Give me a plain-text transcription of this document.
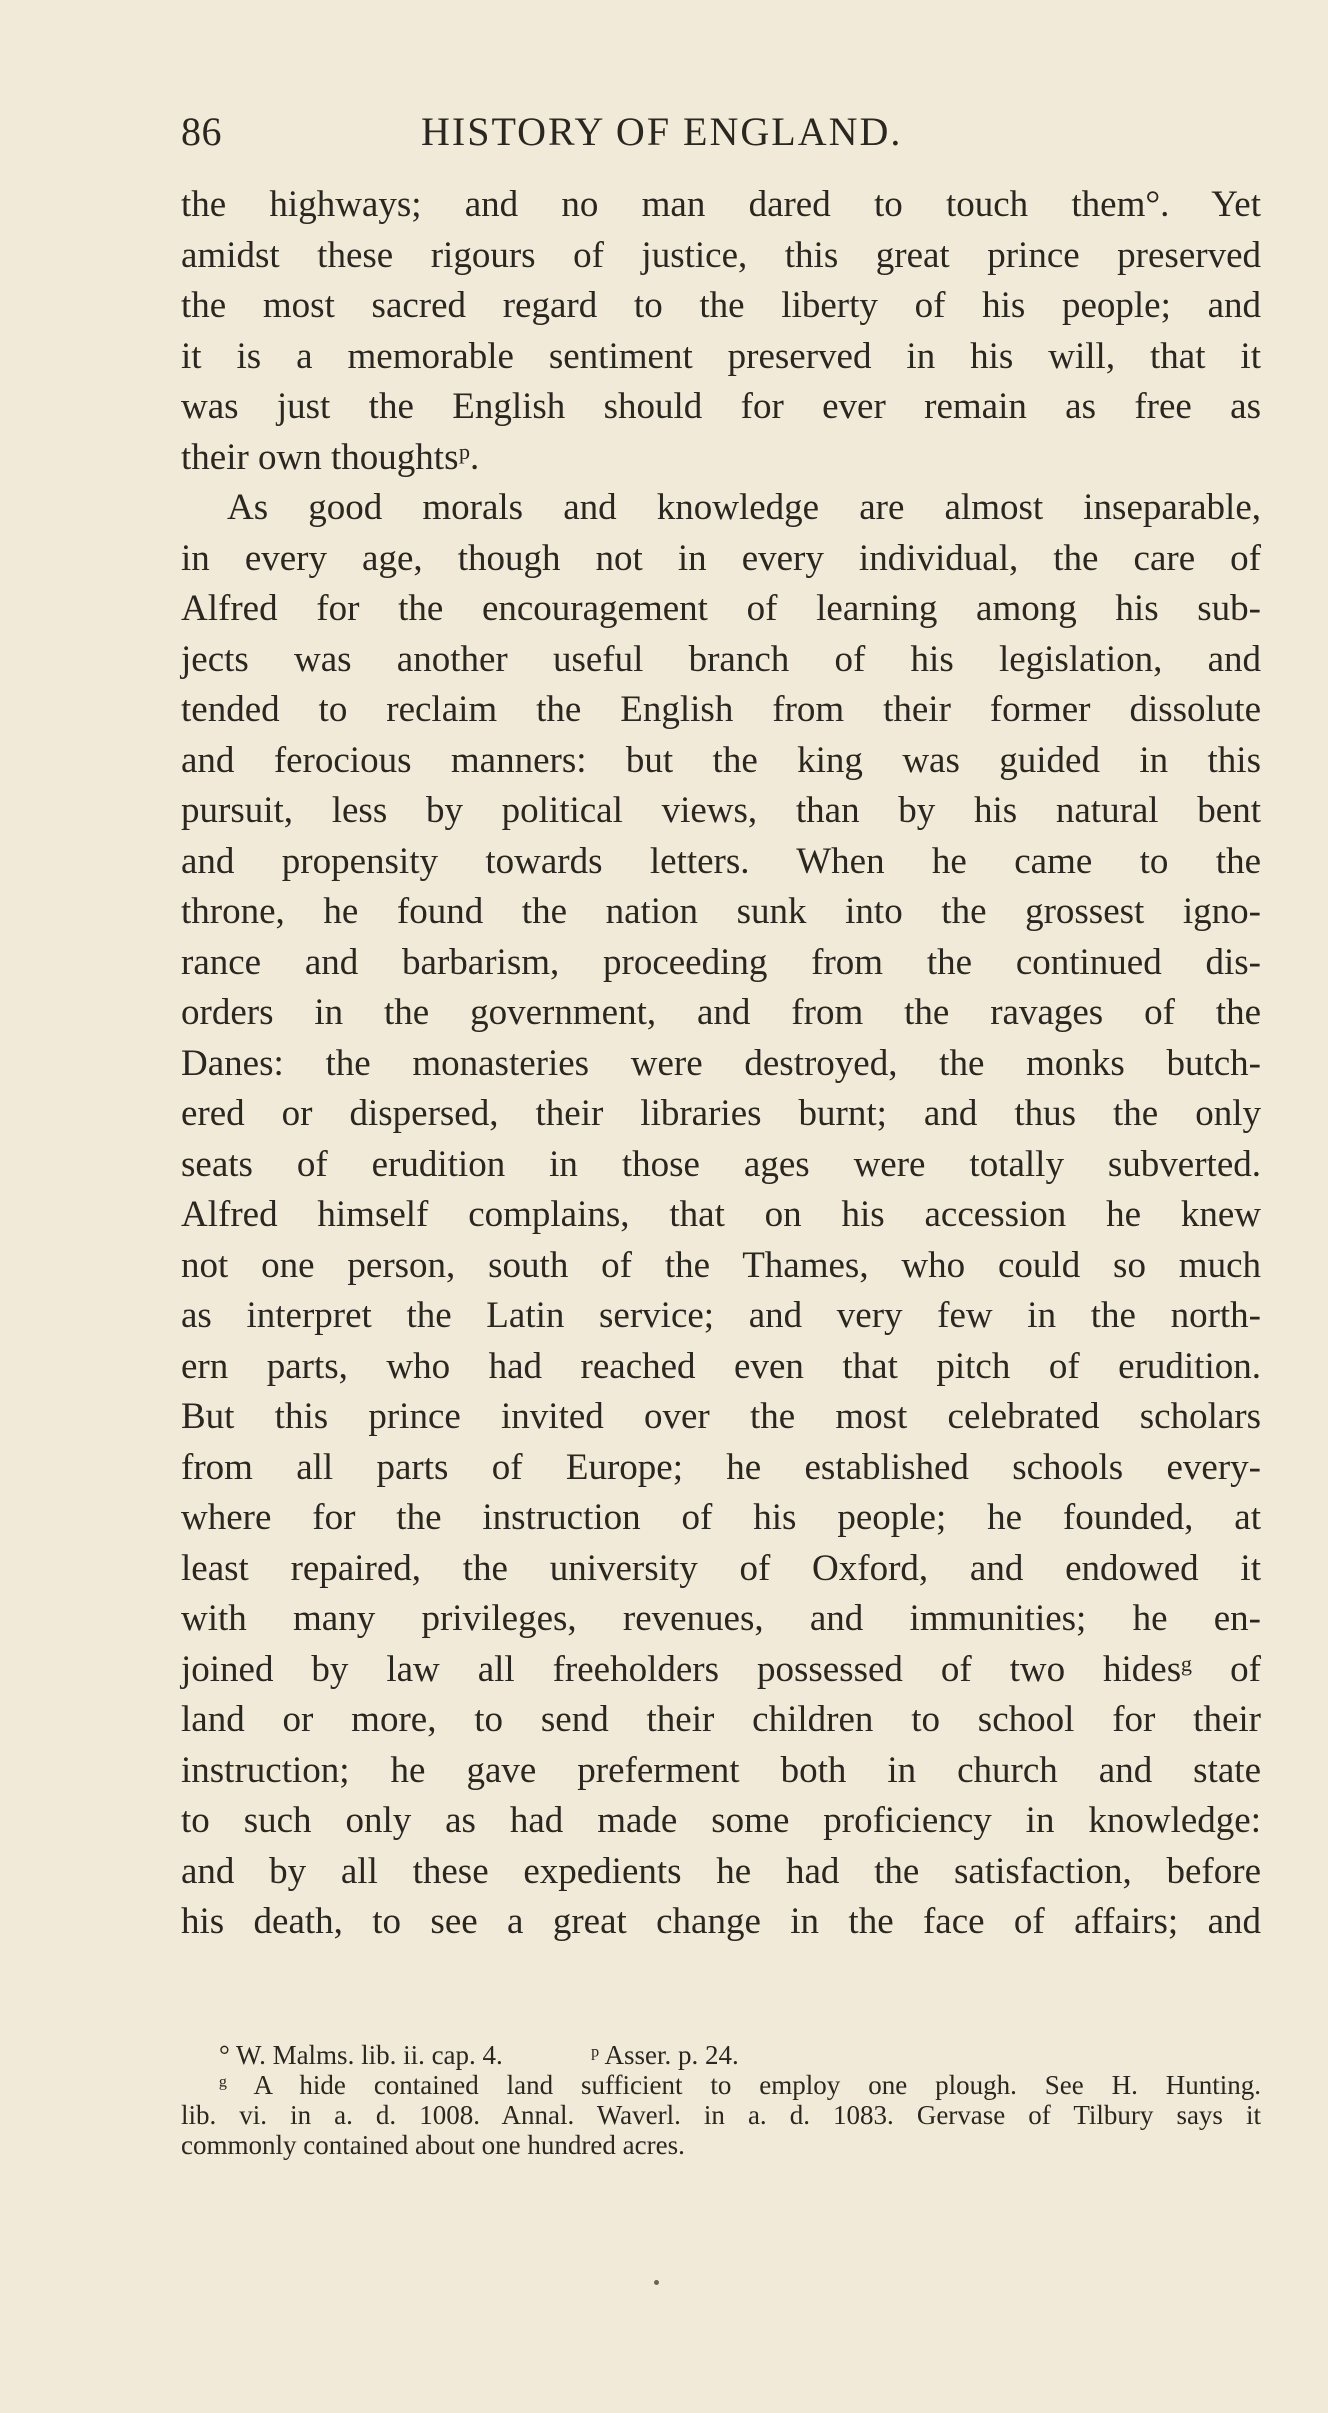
86	HISTORY OF ENGLAND.
the highways; and no man dared to touch them°. Yet
amidst these rigours of justice, this great prince preserved
the most sacred regard to the liberty of his people; and
it is a memorable sentiment preserved in his will, that it
was just the English should for ever remain as free as
their own thoughtsᵖ.
As good morals and knowledge are almost inseparable,
in every age, though not in every individual, the care of
Alfred for the encouragement of learning among his sub-
jects was another useful branch of his legislation, and
tended to reclaim the English from their former dissolute
and ferocious manners: but the king was guided in this
pursuit, less by political views, than by his natural bent
and propensity towards letters. When he came to the
throne, he found the nation sunk into the grossest igno-
rance and barbarism, proceeding from the continued dis-
orders in the government, and from the ravages of the
Danes: the monasteries were destroyed, the monks butch-
ered or dispersed, their libraries burnt; and thus the only
seats of erudition in those ages were totally subverted.
Alfred himself complains, that on his accession he knew
not one person, south of the Thames, who could so much
as interpret the Latin service; and very few in the north-
ern parts, who had reached even that pitch of erudition.
But this prince invited over the most celebrated scholars
from all parts of Europe; he established schools every-
where for the instruction of his people; he founded, at
least repaired, the university of Oxford, and endowed it
with many privileges, revenues, and immunities; he en-
joined by law all freeholders possessed of two hidesᵍ of
land or more, to send their children to school for their
instruction; he gave preferment both in church and state
to such only as had made some proficiency in knowledge:
and by all these expedients he had the satisfaction, before
his death, to see a great change in the face of affairs; and
° W. Malms. lib. ii. cap. 4.	ᵖ Asser. p. 24.
ᵍ A hide contained land sufficient to employ one plough. See H. Hunting.
lib. vi. in a. d. 1008. Annal. Waverl. in a. d. 1083. Gervase of Tilbury says it
commonly contained about one hundred acres.
